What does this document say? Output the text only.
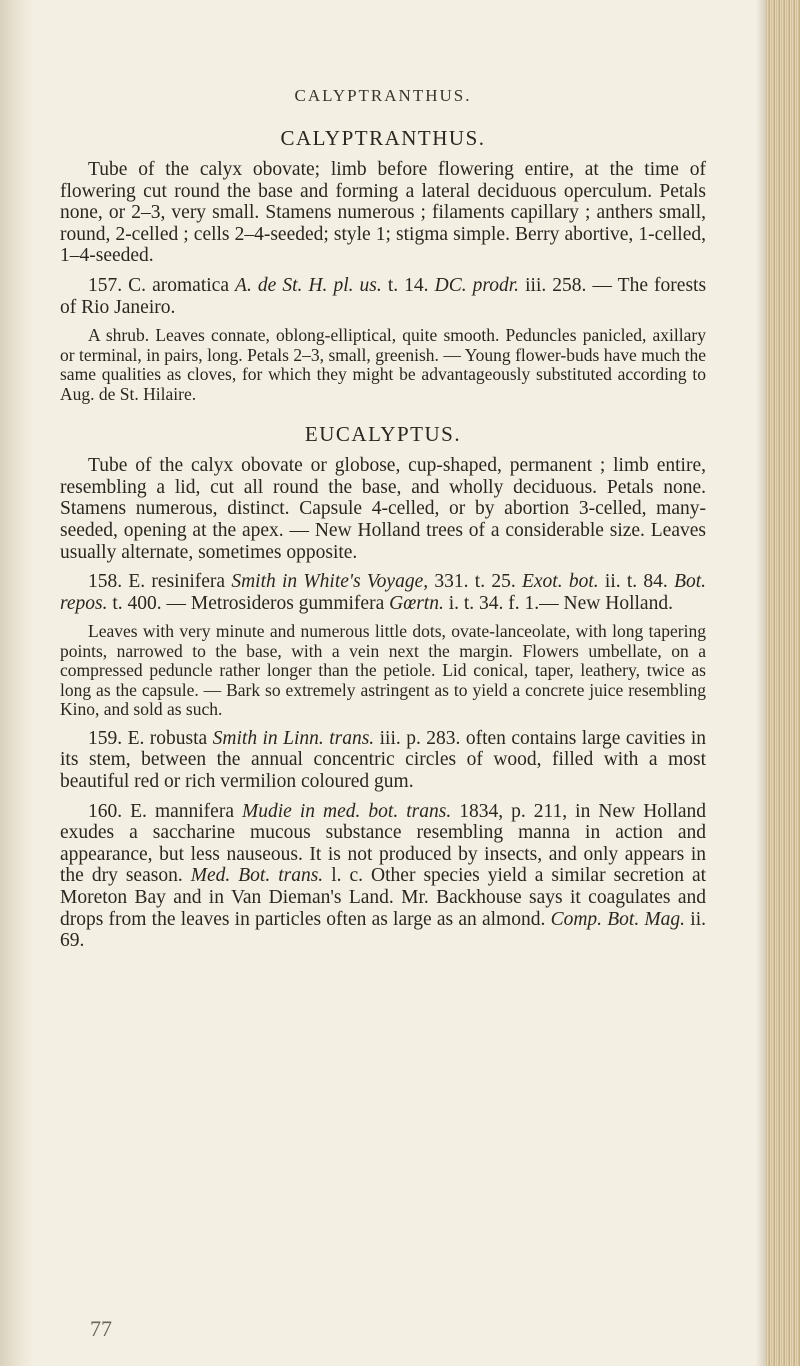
CALYPTRANTHUS.
CALYPTRANTHUS.

Tube of the calyx obovate; limb before flowering entire, at the time of flowering cut round the base and forming a lateral deciduous operculum. Petals none, or 2–3, very small. Stamens numerous ; filaments capillary ; anthers small, round, 2-celled ; cells 2–4-seeded; style 1; stigma simple. Berry abortive, 1-celled, 1–4-seeded.

157. C. aromatica A. de St. H. pl. us. t. 14. DC. prodr. iii. 258. — The forests of Rio Janeiro.

A shrub. Leaves connate, oblong-elliptical, quite smooth. Peduncles panicled, axillary or terminal, in pairs, long. Petals 2–3, small, greenish. — Young flower-buds have much the same qualities as cloves, for which they might be advantageously substituted according to Aug. de St. Hilaire.

EUCALYPTUS.

Tube of the calyx obovate or globose, cup-shaped, permanent ; limb entire, resembling a lid, cut all round the base, and wholly deciduous. Petals none. Stamens numerous, distinct. Capsule 4-celled, or by abortion 3-celled, many-seeded, opening at the apex. — New Holland trees of a considerable size. Leaves usually alternate, sometimes opposite.

158. E. resinifera Smith in White's Voyage, 331. t. 25. Exot. bot. ii. t. 84. Bot. repos. t. 400. — Metrosideros gummifera Gœrtn. i. t. 34. f. 1.— New Holland.

Leaves with very minute and numerous little dots, ovate-lanceolate, with long tapering points, narrowed to the base, with a vein next the margin. Flowers umbellate, on a compressed peduncle rather longer than the petiole. Lid conical, taper, leathery, twice as long as the capsule. — Bark so extremely astringent as to yield a concrete juice resembling Kino, and sold as such.

159. E. robusta Smith in Linn. trans. iii. p. 283. often contains large cavities in its stem, between the annual concentric circles of wood, filled with a most beautiful red or rich vermilion coloured gum.

160. E. mannifera Mudie in med. bot. trans. 1834, p. 211, in New Holland exudes a saccharine mucous substance resembling manna in action and appearance, but less nauseous. It is not produced by insects, and only appears in the dry season. Med. Bot. trans. l. c. Other species yield a similar secretion at Moreton Bay and in Van Dieman's Land. Mr. Backhouse says it coagulates and drops from the leaves in particles often as large as an almond. Comp. Bot. Mag. ii. 69.

77
